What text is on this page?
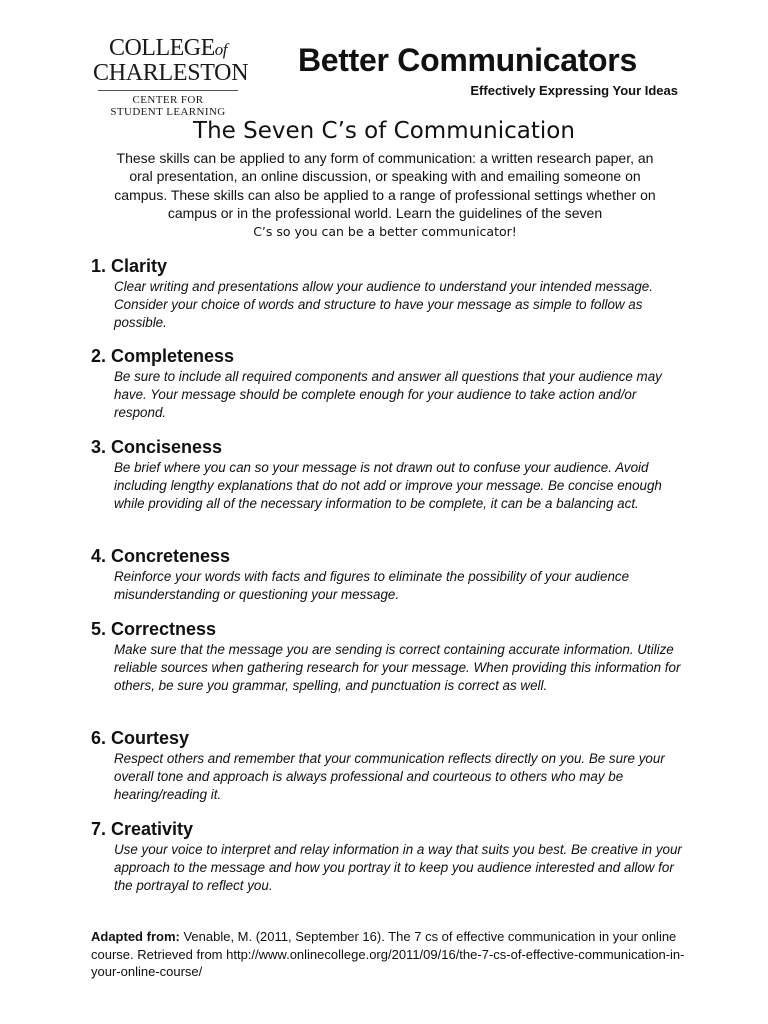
COLLEGEof
CHARLESTON
CENTER FOR
STUDENT LEARNING
Better Communicators
Effectively Expressing Your Ideas
The Seven C’s of Communication
These skills can be applied to any form of communication: a written research paper, an oral presentation, an online discussion, or speaking with and emailing someone on campus. These skills can also be applied to a range of professional settings whether on campus or in the professional world. Learn the guidelines of the seven
C’s so you can be a better communicator!
1. Clarity
Clear writing and presentations allow your audience to understand your intended message. Consider your choice of words and structure to have your message as simple to follow as possible.
2. Completeness
Be sure to include all required components and answer all questions that your audience may have. Your message should be complete enough for your audience to take action and/or respond.
3. Conciseness
Be brief where you can so your message is not drawn out to confuse your audience. Avoid including lengthy explanations that do not add or improve your message. Be concise enough while providing all of the necessary information to be complete, it can be a balancing act.
4. Concreteness
Reinforce your words with facts and figures to eliminate the possibility of your audience misunderstanding or questioning your message.
5. Correctness
Make sure that the message you are sending is correct containing accurate information. Utilize reliable sources when gathering research for your message. When providing this information for others, be sure you grammar, spelling, and punctuation is correct as well.
6. Courtesy
Respect others and remember that your communication reflects directly on you. Be sure your overall tone and approach is always professional and courteous to others who may be hearing/reading it.
7. Creativity
Use your voice to interpret and relay information in a way that suits you best. Be creative in your approach to the message and how you portray it to keep you audience interested and allow for the portrayal to reflect you.
Adapted from: Venable, M. (2011, September 16). The 7 cs of effective communication in your online course. Retrieved from http://www.onlinecollege.org/2011/09/16/the-7-cs-of-effective-communication-in-your-online-course/
